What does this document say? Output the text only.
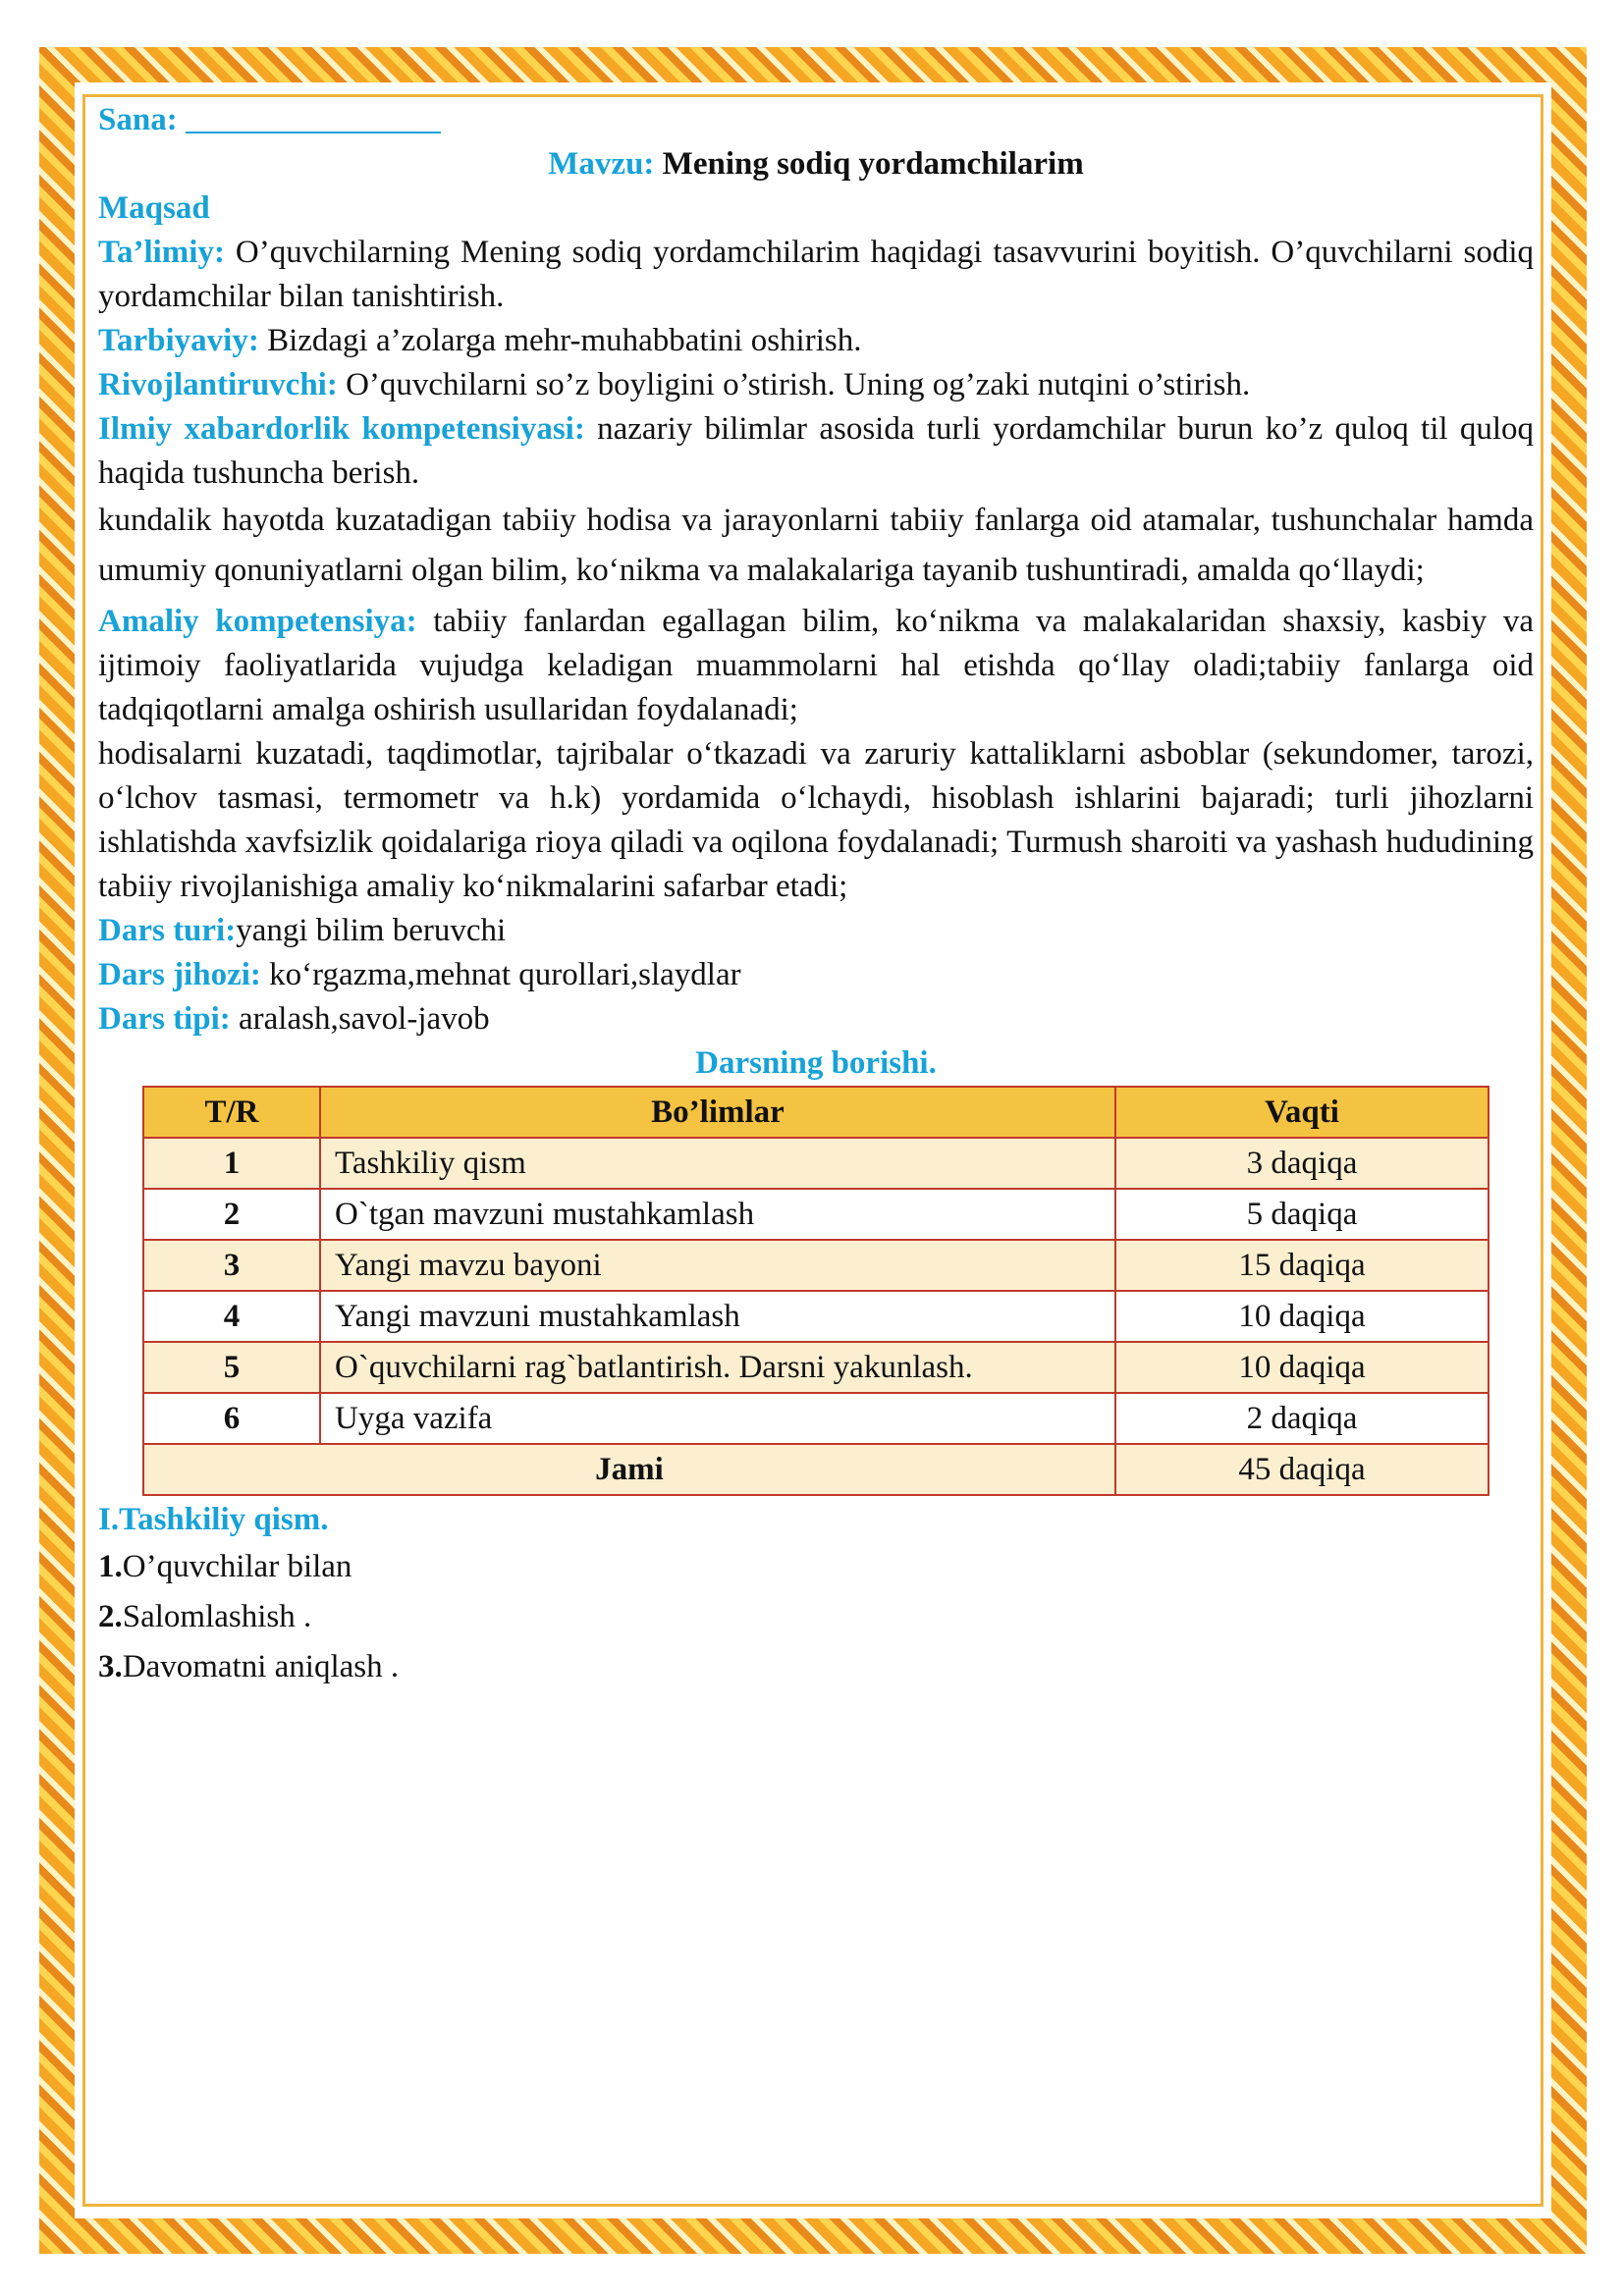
Sana:

Mavzu: Mening sodiq yordamchilarim

Maqsad

Ta’limiy: O’quvchilarning Mening sodiq yordamchilarim haqidagi tasavvurini boyitish. O’quvchilarni sodiq yordamchilar bilan tanishtirish.

Tarbiyaviy: Bizdagi a’zolarga mehr-muhabbatini oshirish.

Rivojlantiruvchi: O’quvchilarni so’z boyligini o’stirish. Uning og’zaki nutqini o’stirish.

Ilmiy xabardorlik kompetensiyasi: nazariy bilimlar asosida turli yordamchilar burun ko’z quloq til quloq haqida tushuncha berish.

kundalik hayotda kuzatadigan tabiiy hodisa va jarayonlarni tabiiy fanlarga oid atamalar, tushunchalar hamda umumiy qonuniyatlarni olgan bilim, koʻnikma va malakalariga tayanib tushuntiradi, amalda qoʻllaydi;

Amaliy kompetensiya: tabiiy fanlardan egallagan bilim, koʻnikma va malakalaridan shaxsiy, kasbiy va ijtimoiy faoliyatlarida vujudga keladigan muammolarni hal etishda qoʻllay oladi;tabiiy fanlarga oid tadqiqotlarni amalga oshirish usullaridan foydalanadi;

hodisalarni kuzatadi, taqdimotlar, tajribalar oʻtkazadi va zaruriy kattaliklarni asboblar (sekundomer, tarozi, oʻlchov tasmasi, termometr va h.k) yordamida oʻlchaydi, hisoblash ishlarini bajaradi; turli jihozlarni ishlatishda xavfsizlik qoidalariga rioya qiladi va oqilona foydalanadi; Turmush sharoiti va yashash hududining tabiiy rivojlanishiga amaliy koʻnikmalarini safarbar etadi;

Dars turi:yangi bilim beruvchi

Dars jihozi: koʻrgazma,mehnat qurollari,slaydlar

Dars tipi: aralash,savol-javob

Darsning borishi.

T/R	Bo’limlar	Vaqti
1	Tashkiliy qism	3 daqiqa
2	O`tgan mavzuni mustahkamlash	5 daqiqa
3	Yangi mavzu bayoni	15 daqiqa
4	Yangi mavzuni mustahkamlash	10 daqiqa
5	O`quvchilarni rag`batlantirish. Darsni yakunlash.	10 daqiqa
6	Uyga vazifa	2 daqiqa
Jami		45 daqiqa

I.Tashkiliy qism.

1.O’quvchilar bilan

2.Salomlashish .

3.Davomatni aniqlash .
